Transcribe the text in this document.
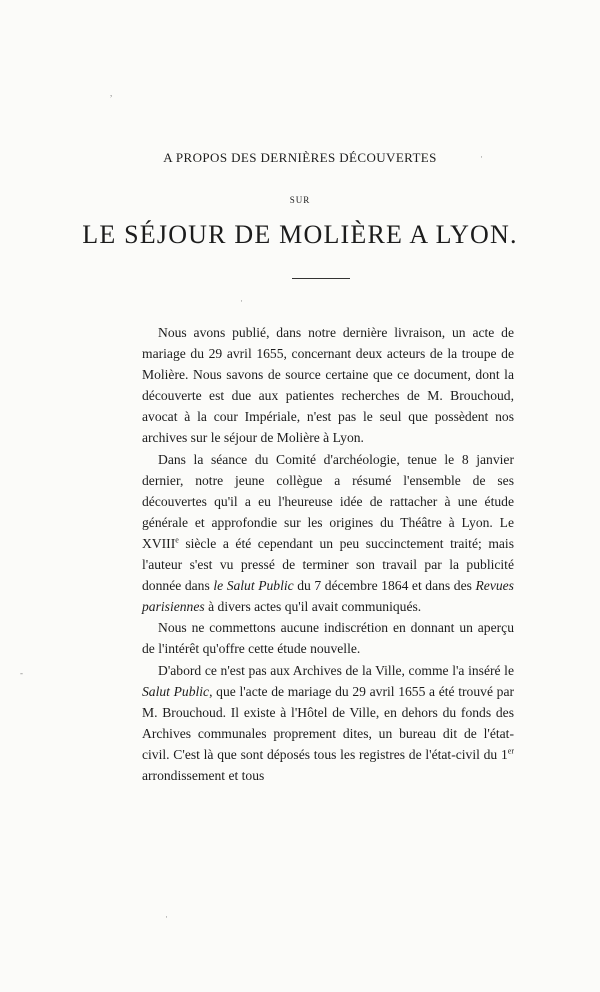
A PROPOS DES DERNIÈRES DÉCOUVERTES
SUR
LE SÉJOUR DE MOLIÈRE A LYON.
,
·
·
-
·

Nous avons publié, dans notre dernière livraison, un acte de mariage du 29 avril 1655, concernant deux acteurs de la troupe de Molière. Nous savons de source certaine que ce document, dont la découverte est due aux patientes recherches de M. Brouchoud, avocat à la cour Impériale, n'est pas le seul que possèdent nos archives sur le séjour de Molière à Lyon.

Dans la séance du Comité d'archéologie, tenue le 8 janvier dernier, notre jeune collègue a résumé l'ensemble de ses découvertes qu'il a eu l'heureuse idée de rattacher à une étude générale et approfondie sur les origines du Théâtre à Lyon. Le XVIIIe siècle a été cependant un peu succinctement traité; mais l'auteur s'est vu pressé de terminer son travail par la publicité donnée dans le Salut Public du 7 décembre 1864 et dans des Revues parisiennes à divers actes qu'il avait communiqués.

Nous ne commettons aucune indiscrétion en donnant un aperçu de l'intérêt qu'offre cette étude nouvelle.

D'abord ce n'est pas aux Archives de la Ville, comme l'a inséré le Salut Public, que l'acte de mariage du 29 avril 1655 a été trouvé par M. Brouchoud. Il existe à l'Hôtel de Ville, en dehors du fonds des Archives communales proprement dites, un bureau dit de l'état-civil. C'est là que sont déposés tous les registres de l'état-civil du 1er arrondissement et tous
